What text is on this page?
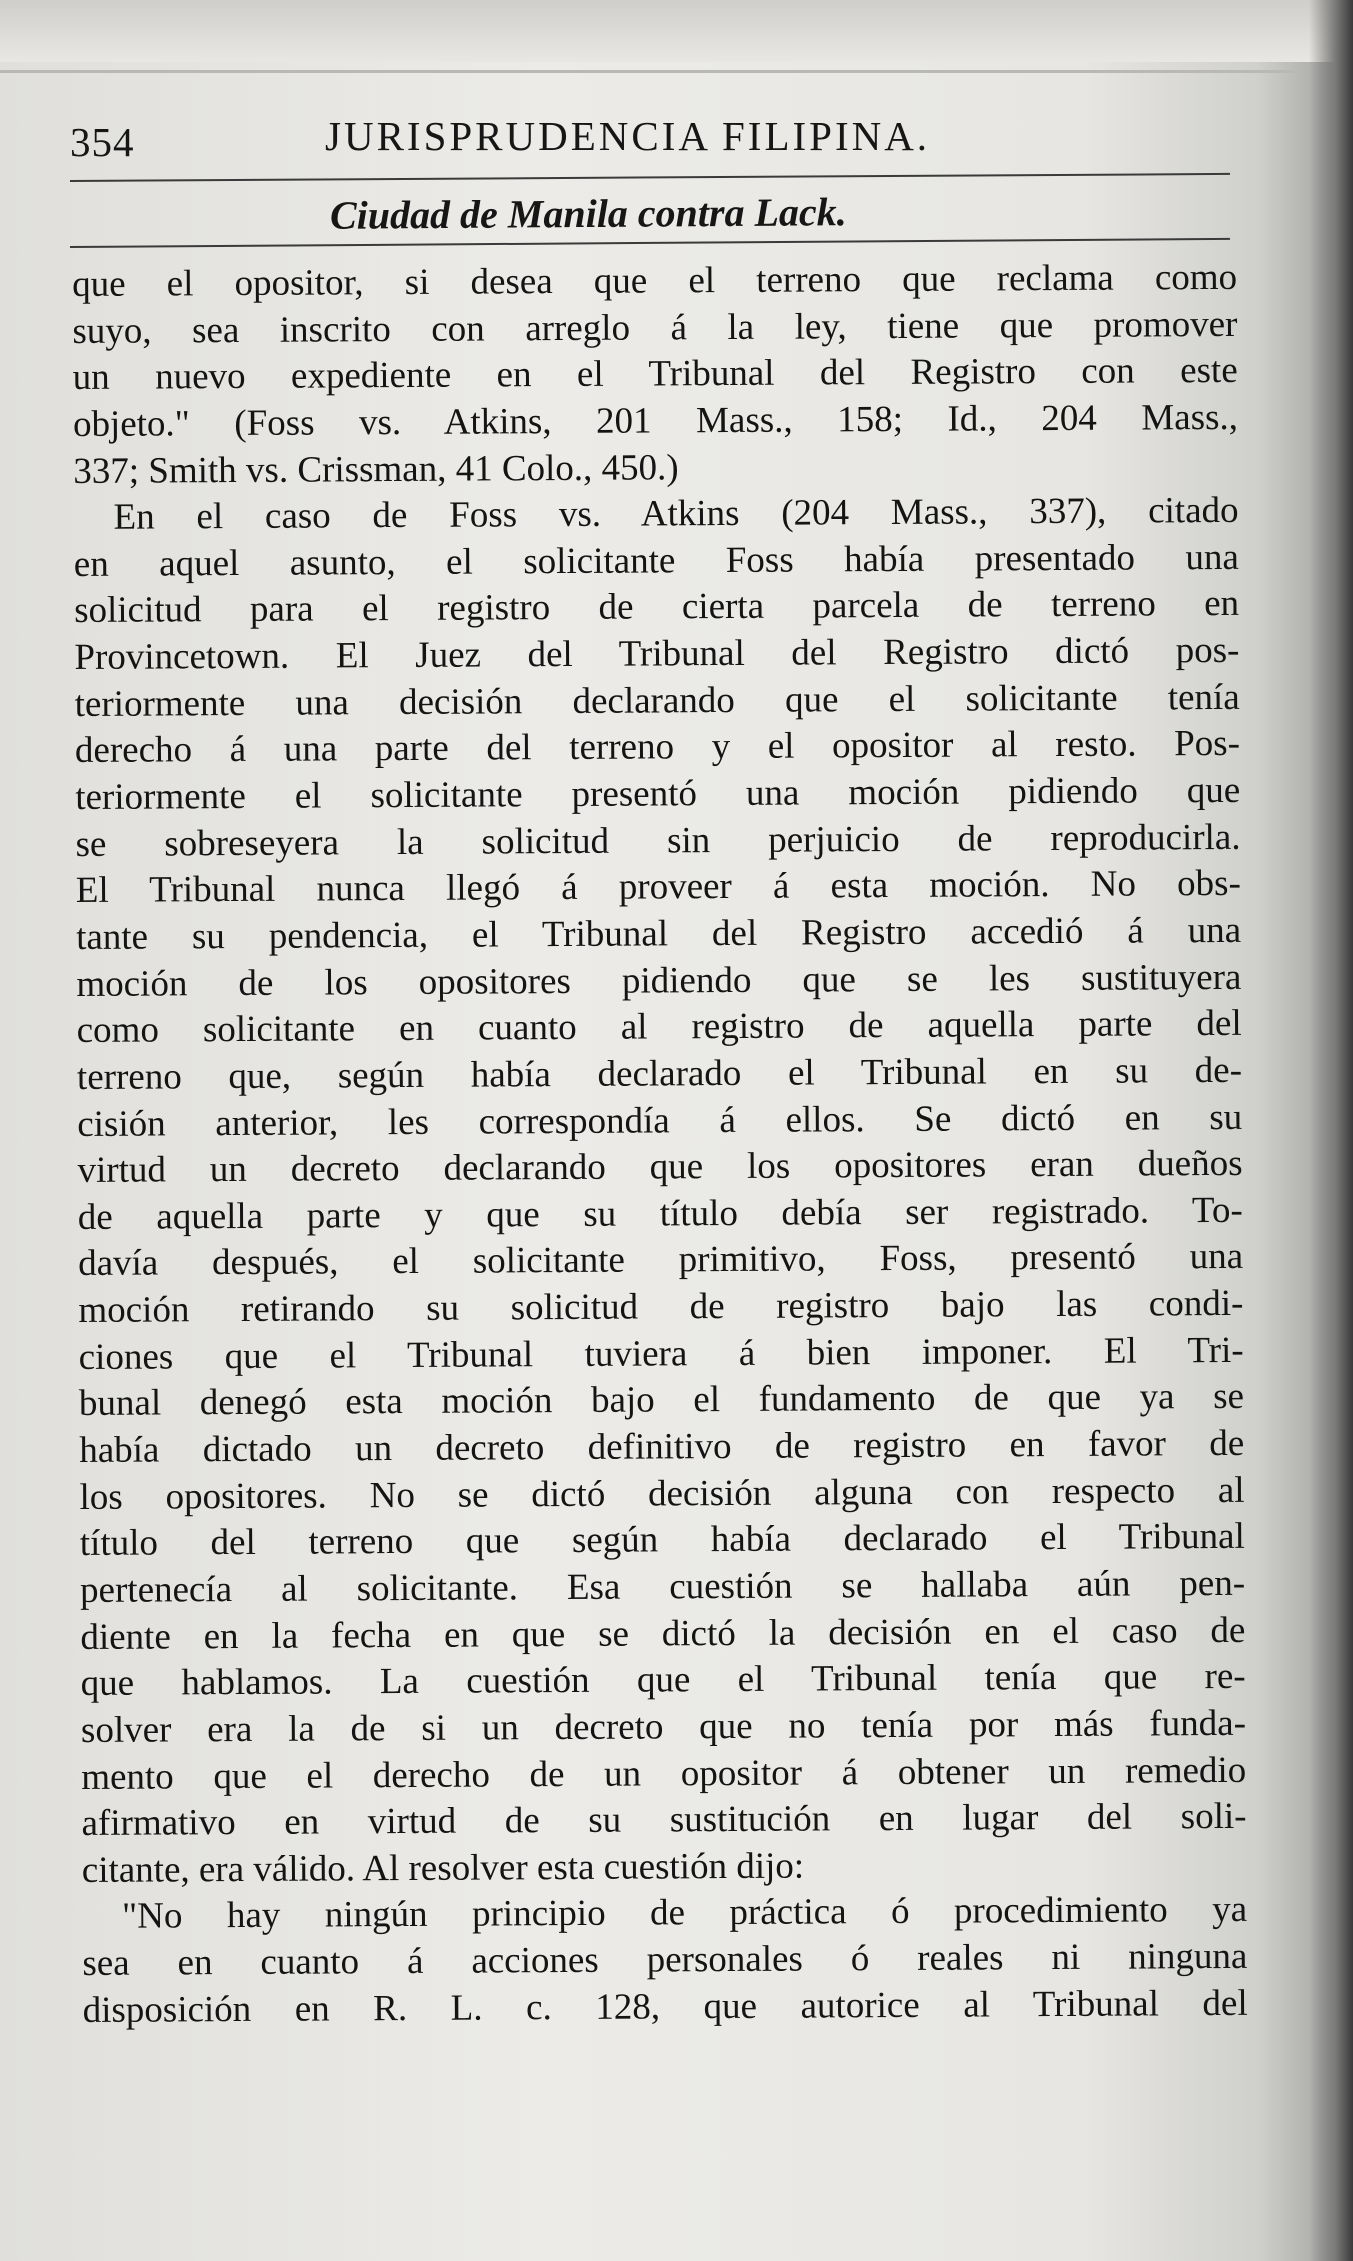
354	JURISPRUDENCIA FILIPINA.
Ciudad de Manila contra Lack.
que el opositor, si desea que el terreno que reclama como
suyo, sea inscrito con arreglo á la ley, tiene que promover
un nuevo expediente en el Tribunal del Registro con este
objeto." (Foss vs. Atkins, 201 Mass., 158; Id., 204 Mass.,
337; Smith vs. Crissman, 41 Colo., 450.)
En el caso de Foss vs. Atkins (204 Mass., 337), citado
en aquel asunto, el solicitante Foss había presentado una
solicitud para el registro de cierta parcela de terreno en
Provincetown. El Juez del Tribunal del Registro dictó pos-
teriormente una decisión declarando que el solicitante tenía
derecho á una parte del terreno y el opositor al resto. Pos-
teriormente el solicitante presentó una moción pidiendo que
se sobreseyera la solicitud sin perjuicio de reproducirla.
El Tribunal nunca llegó á proveer á esta moción. No obs-
tante su pendencia, el Tribunal del Registro accedió á una
moción de los opositores pidiendo que se les sustituyera
como solicitante en cuanto al registro de aquella parte del
terreno que, según había declarado el Tribunal en su de-
cisión anterior, les correspondía á ellos. Se dictó en su
virtud un decreto declarando que los opositores eran dueños
de aquella parte y que su título debía ser registrado. To-
davía después, el solicitante primitivo, Foss, presentó una
moción retirando su solicitud de registro bajo las condi-
ciones que el Tribunal tuviera á bien imponer. El Tri-
bunal denegó esta moción bajo el fundamento de que ya se
había dictado un decreto definitivo de registro en favor de
los opositores. No se dictó decisión alguna con respecto al
título del terreno que según había declarado el Tribunal
pertenecía al solicitante. Esa cuestión se hallaba aún pen-
diente en la fecha en que se dictó la decisión en el caso de
que hablamos. La cuestión que el Tribunal tenía que re-
solver era la de si un decreto que no tenía por más funda-
mento que el derecho de un opositor á obtener un remedio
afirmativo en virtud de su sustitución en lugar del soli-
citante, era válido. Al resolver esta cuestión dijo:
"No hay ningún principio de práctica ó procedimiento ya
sea en cuanto á acciones personales ó reales ni ninguna
disposición en R. L. c. 128, que autorice al Tribunal del
